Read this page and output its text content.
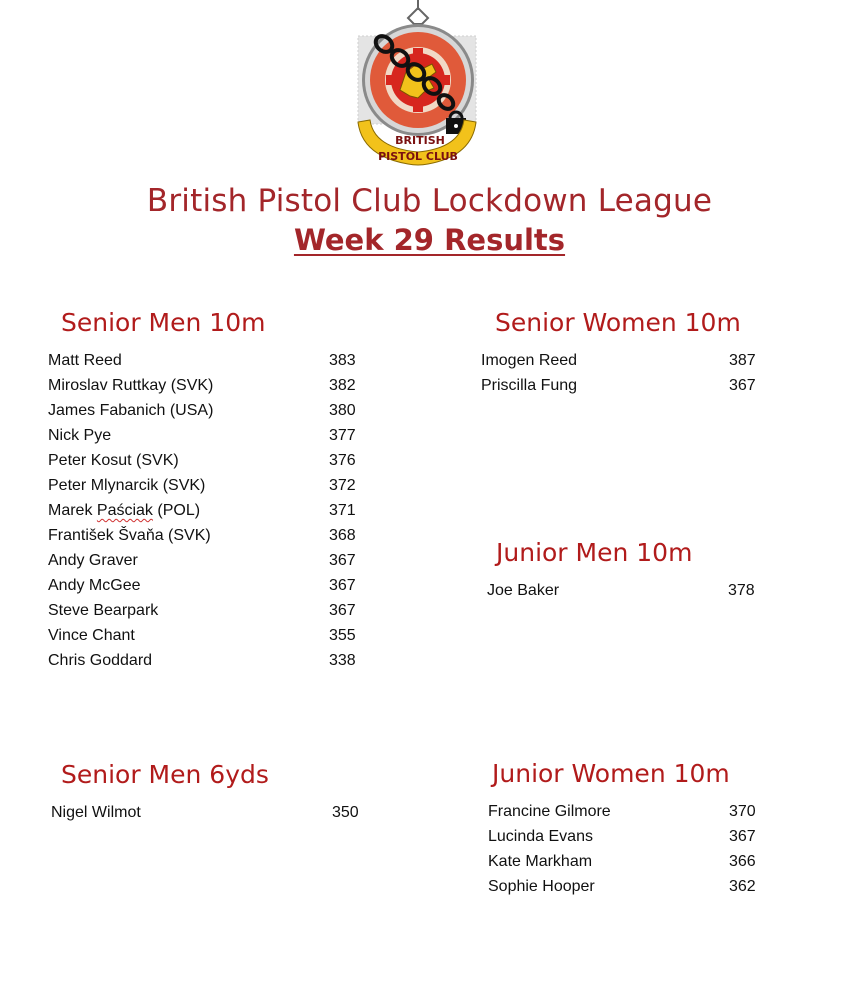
BRITISH
PISTOL CLUB
British Pistol Club Lockdown League
Week 29 Results
Senior Men 10m
Matt Reed	383
Miroslav Ruttkay (SVK)	382
James Fabanich (USA)	380
Nick Pye	377
Peter Kosut (SVK)	376
Peter Mlynarcik (SVK)	372
Marek Paściak (POL)	371
František Švaňa (SVK)	368
Andy Graver	367
Andy McGee	367
Steve Bearpark	367
Vince Chant	355
Chris Goddard	338
Senior Women 10m
Imogen Reed	387
Priscilla Fung	367
Junior Men 10m
Joe Baker	378
Senior Men 6yds
Nigel Wilmot	350
Junior Women 10m
Francine Gilmore	370
Lucinda Evans	367
Kate Markham	366
Sophie Hooper	362
